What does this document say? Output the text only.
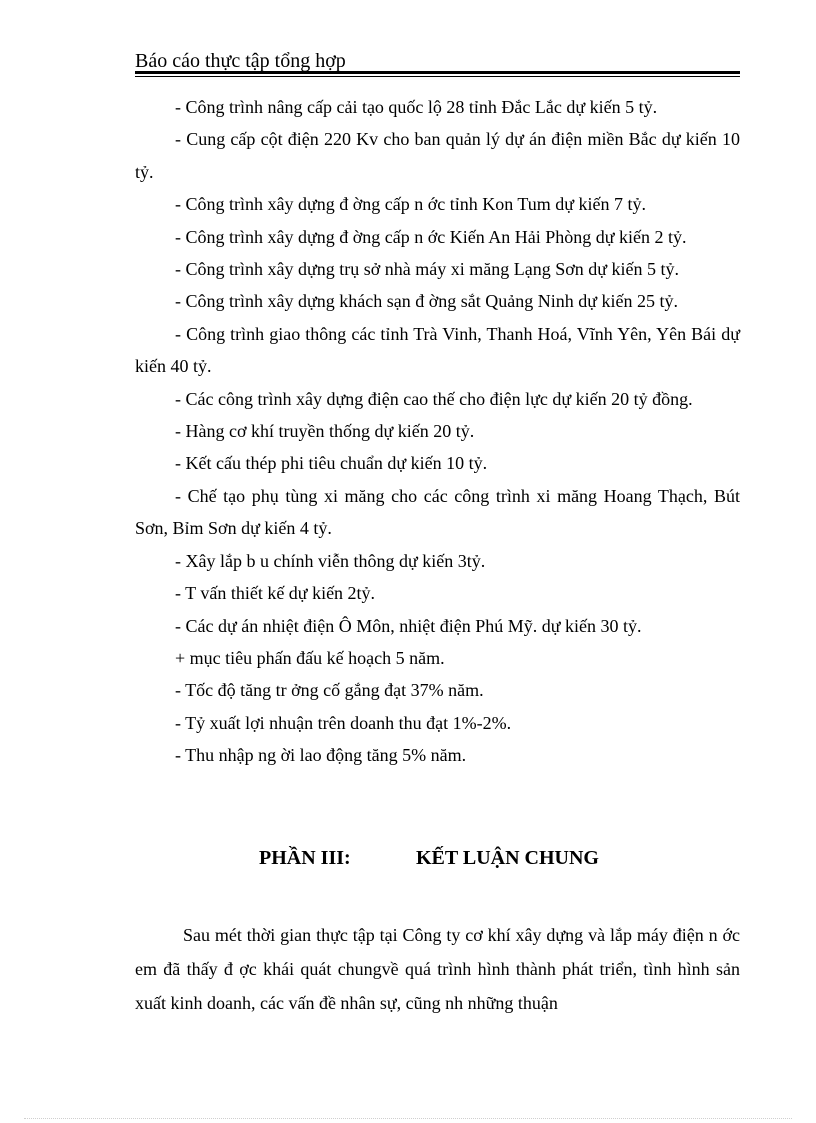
Báo cáo thực tập tổng hợp

- Công trình nâng cấp cải tạo quốc lộ 28 tỉnh Đắc Lắc dự kiến 5 tỷ.

- Cung cấp cột điện 220 Kv cho ban quản lý dự án điện miền Bắc dự kiến 10 tỷ.

- Công trình xây dựng đ ờng cấp n ớc tỉnh Kon Tum dự kiến 7 tỷ.

- Công trình xây dựng đ ờng cấp n ớc Kiến An Hải Phòng dự kiến 2 tỷ.

- Công trình xây dựng trụ sở nhà máy xi măng Lạng Sơn dự kiến 5 tỷ.

- Công trình xây dựng khách sạn đ ờng sắt Quảng Ninh dự kiến 25 tỷ.

- Công trình giao thông các tỉnh Trà Vinh, Thanh Hoá, Vĩnh Yên, Yên Bái dự kiến 40 tỷ.

- Các công trình xây dựng điện cao thế cho điện lực dự kiến 20 tỷ đồng.

- Hàng cơ khí truyền thống dự kiến 20 tỷ.

- Kết cấu thép phi tiêu chuẩn dự kiến 10 tỷ.

- Chế tạo phụ tùng xi măng cho các công trình xi măng Hoang Thạch, Bút Sơn, Bỉm Sơn dự kiến 4 tỷ.

- Xây lắp b u chính viễn thông dự kiến 3tỷ.

- T vấn thiết kế dự kiến 2tỷ.

- Các dự án nhiệt điện Ô Môn, nhiệt điện Phú Mỹ. dự kiến 30 tỷ.

+ mục tiêu phấn đấu kế hoạch 5 năm.

- Tốc độ tăng tr ởng cố gắng đạt 37% năm.

- Tỷ xuất lợi nhuận trên doanh thu đạt 1%-2%.

- Thu nhập ng ời lao động tăng 5% năm.

PHẦN III:	KẾT LUẬN CHUNG

Sau mét thời gian thực tập tại Công ty cơ khí xây dựng và lắp máy điện n ớc em đã thấy đ ợc khái quát chungvề quá trình hình thành phát triển, tình hình sản xuất kinh doanh, các vấn đề nhân sự, cũng nh những thuận
